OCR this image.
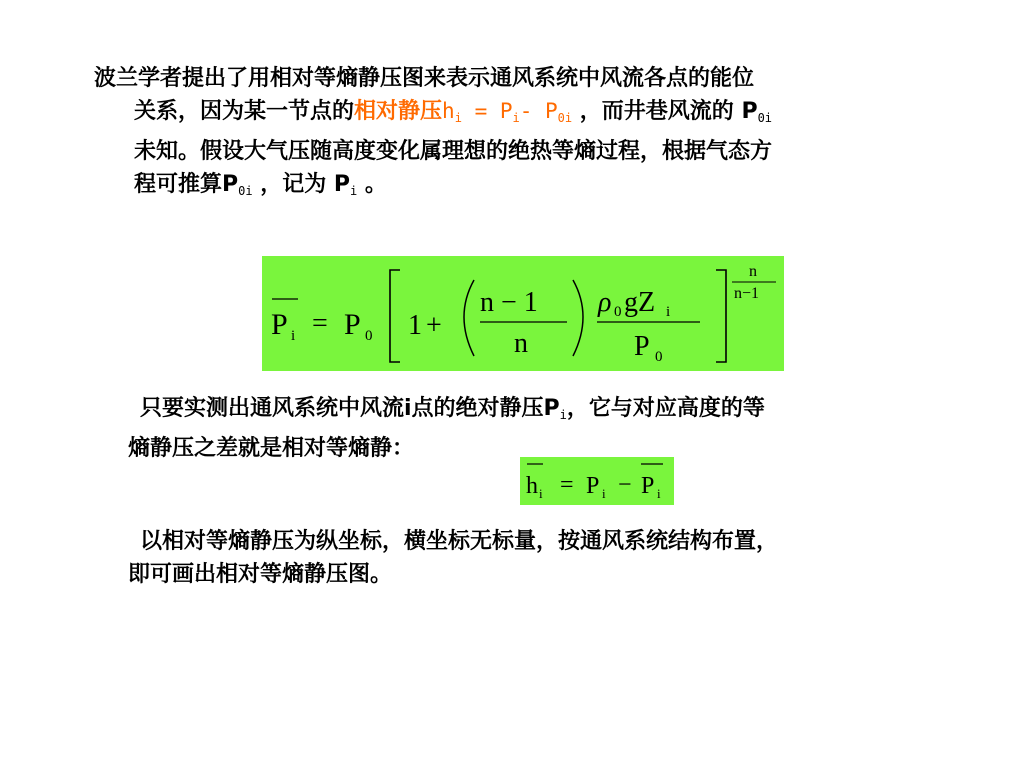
波兰学者提出了用相对等熵静压图来表示通风系统中风流各点的能位
关系，因为某一节点的相对静压$h_i = P_i-$ $P_{0i}$ ，而井巷风流的 $P_{0i}$
未知。假设大气压随高度变化属理想的绝热等熵过程，根据气态方
程可推算$P_{0i}$ ，记为 $P_i$ 。
P i = P 0 1 +
n − 1
n
ρ 0 gZ i
P 0
n
n−1
只要实测出通风系统中风流i点的绝对静压$P_i$，它与对应高度的等
熵静压之差就是相对等熵静：
h i = P i − P i
以相对等熵静压为纵坐标，横坐标无标量，按通风系统结构布置，
即可画出相对等熵静压图。
